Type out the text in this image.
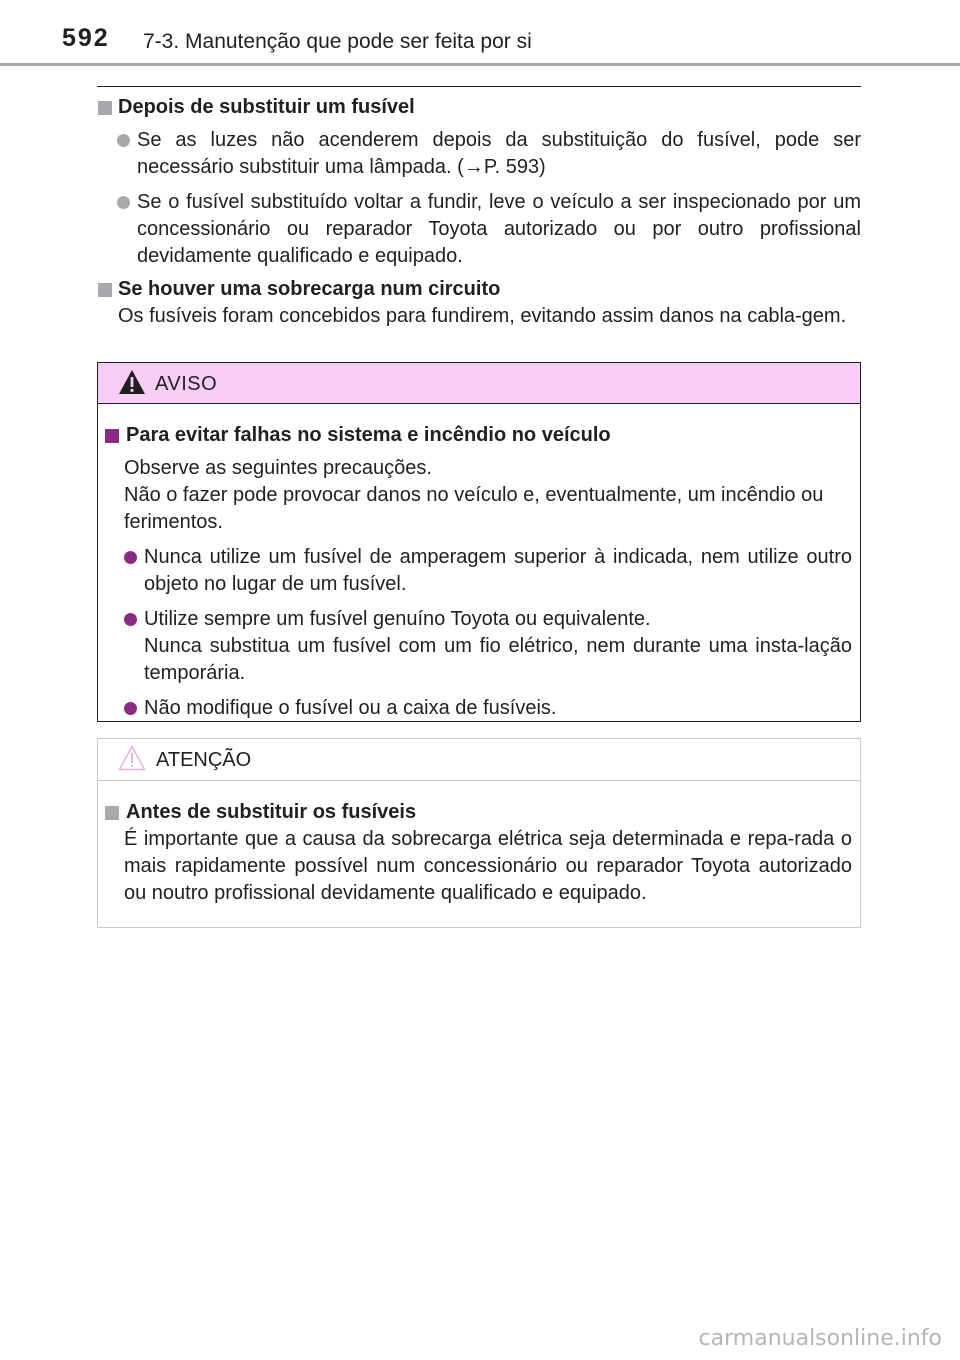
592 7-3. Manutenção que pode ser feita por si
Depois de substituir um fusível
Se as luzes não acenderem depois da substituição do fusível, pode ser necessário substituir uma lâmpada. (→P. 593)
Se o fusível substituído voltar a fundir, leve o veículo a ser inspecionado por um concessionário ou reparador Toyota autorizado ou por outro profissional devidamente qualificado e equipado.
Se houver uma sobrecarga num circuito
Os fusíveis foram concebidos para fundirem, evitando assim danos na cabla-gem.
AVISO
Para evitar falhas no sistema e incêndio no veículo
Observe as seguintes precauções.
Não o fazer pode provocar danos no veículo e, eventualmente, um incêndio ou ferimentos.
Nunca utilize um fusível de amperagem superior à indicada, nem utilize outro objeto no lugar de um fusível.
Utilize sempre um fusível genuíno Toyota ou equivalente.
Nunca substitua um fusível com um fio elétrico, nem durante uma insta-lação temporária.
Não modifique o fusível ou a caixa de fusíveis.
ATENÇÃO
Antes de substituir os fusíveis
É importante que a causa da sobrecarga elétrica seja determinada e repa-rada o mais rapidamente possível num concessionário ou reparador Toyota autorizado ou noutro profissional devidamente qualificado e equipado.
carmanualsonline.info
